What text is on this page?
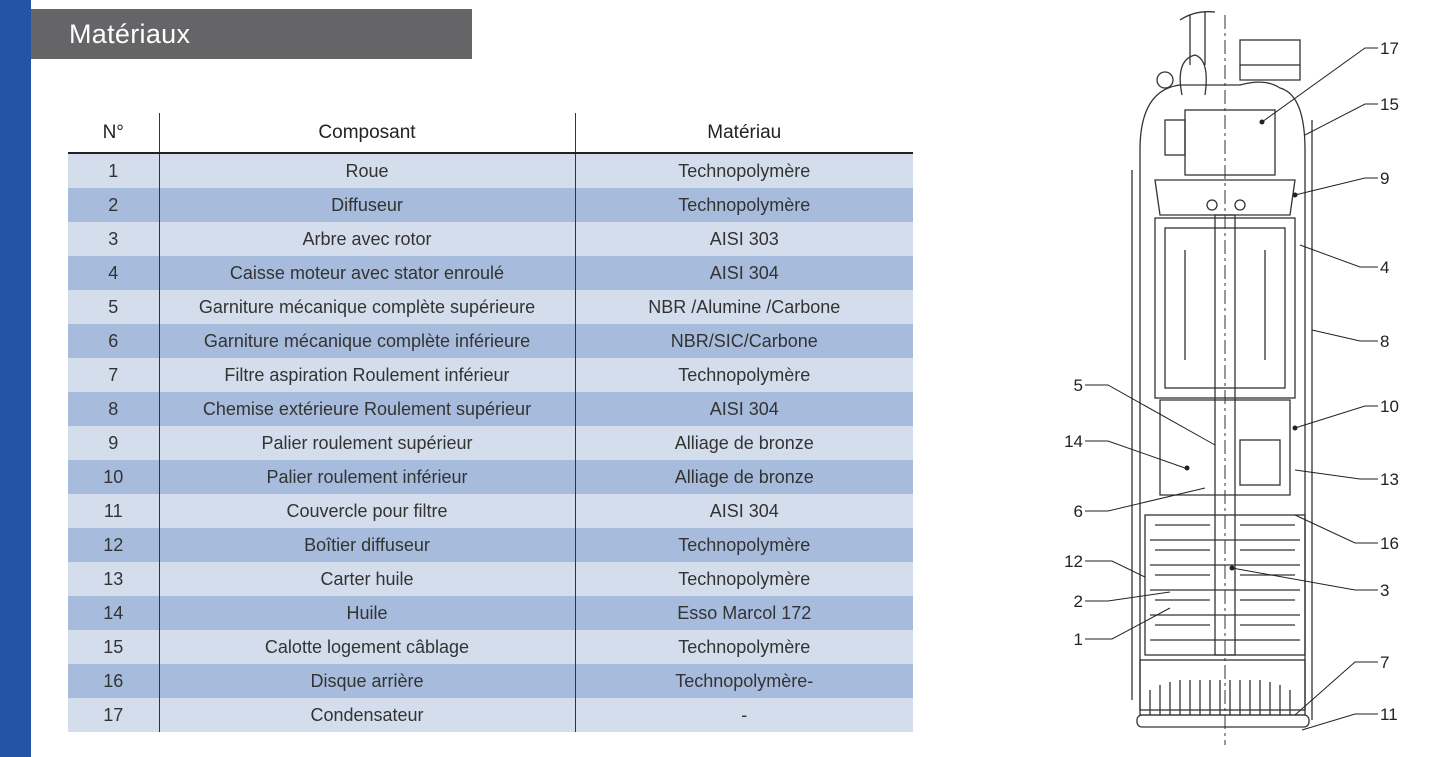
Matériaux
N°	Composant	Matériau
1	Roue	Technopolymère
2	Diffuseur	Technopolymère
3	Arbre avec rotor	AISI 303
4	Caisse moteur avec stator enroulé	AISI 304
5	Garniture mécanique complète supérieure	NBR /Alumine /Carbone
6	Garniture mécanique complète inférieure	NBR/SIC/Carbone
7	Filtre aspiration Roulement inférieur	Technopolymère
8	Chemise extérieure Roulement supérieur	AISI 304
9	Palier roulement supérieur	Alliage de bronze
10	Palier roulement inférieur	Alliage de bronze
11	Couvercle pour filtre	AISI 304
12	Boîtier diffuseur	Technopolymère
13	Carter huile	Technopolymère
14	Huile	Esso Marcol 172
15	Calotte logement câblage	Technopolymère
16	Disque arrière	Technopolymère-
17	Condensateur	-
17
15
9
4
8
10
13
16
3
7
11
5
14
6
12
2
1
